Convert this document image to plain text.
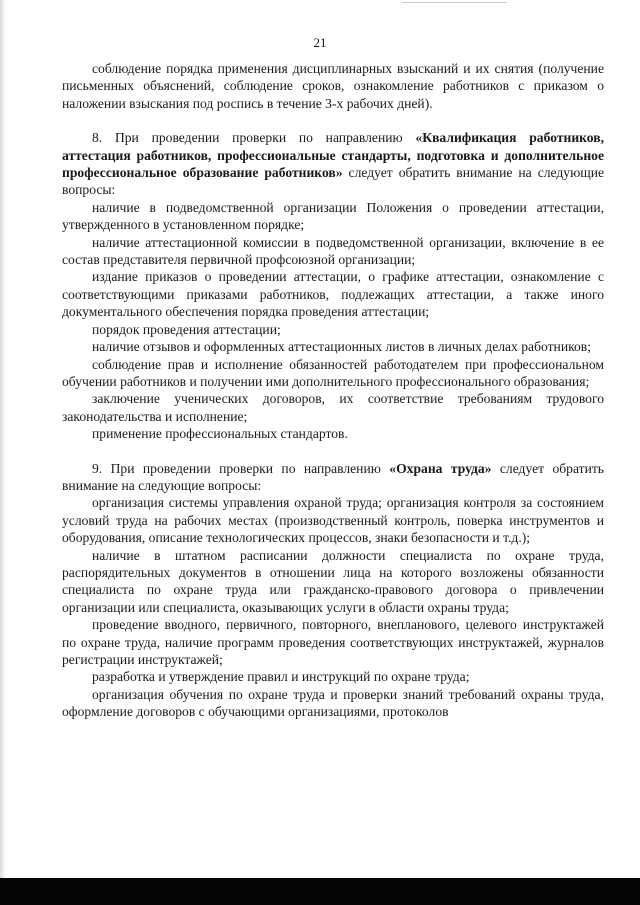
21

соблюдение порядка применения дисциплинарных взысканий и их снятия (получение письменных объяснений, соблюдение сроков, ознакомление работников с приказом о наложении взыскания под роспись в течение 3-х рабочих дней).

8. При проведении проверки по направлению «Квалификация работников, аттестация работников, профессиональные стандарты, подготовка и дополнительное профессиональное образование работников» следует обратить внимание на следующие вопросы:

наличие в подведомственной организации Положения о проведении аттестации, утвержденного в установленном порядке;

наличие аттестационной комиссии в подведомственной организации, включение в ее состав представителя первичной профсоюзной организации;

издание приказов о проведении аттестации, о графике аттестации, ознакомление с соответствующими приказами работников, подлежащих аттестации, а также иного документального обеспечения порядка проведения аттестации;

порядок проведения аттестации;

наличие отзывов и оформленных аттестационных листов в личных делах работников;

соблюдение прав и исполнение обязанностей работодателем при профессиональном обучении работников и получении ими дополнительного профессионального образования;

заключение ученических договоров, их соответствие требованиям трудового законодательства и исполнение;

применение профессиональных стандартов.

9. При проведении проверки по направлению «Охрана труда» следует обратить внимание на следующие вопросы:

организация системы управления охраной труда; организация контроля за состоянием условий труда на рабочих местах (производственный контроль, поверка инструментов и оборудования, описание технологических процессов, знаки безопасности и т.д.);

наличие в штатном расписании должности специалиста по охране труда, распорядительных документов в отношении лица на которого возложены обязанности специалиста по охране труда или гражданско-правового договора о привлечении организации или специалиста, оказывающих услуги в области охраны труда;

проведение вводного, первичного, повторного, внепланового, целевого инструктажей по охране труда, наличие программ проведения соответствующих инструктажей, журналов регистрации инструктажей;

разработка и утверждение правил и инструкций по охране труда;

организация обучения по охране труда и проверки знаний требований охраны труда, оформление договоров с обучающими организациями, протоколов
